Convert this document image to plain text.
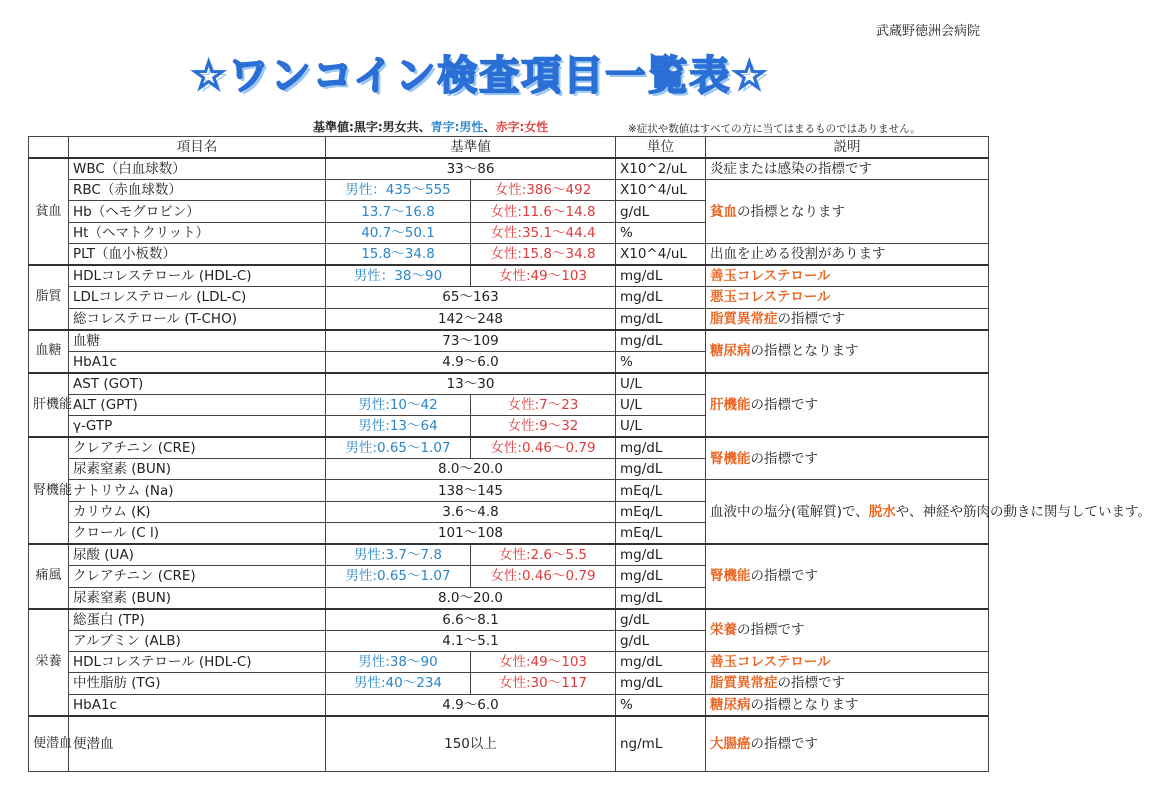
武蔵野徳洲会病院
☆ワンコイン検査項目一覧表☆
基準値:黒字:男女共、青字:男性、赤字:女性	※症状や数値はすべての方に当てはまるものではありません。
	項目名	基準値		単位	説明
貧血	WBC（白血球数）	33～86		X10^2/uL	炎症または感染の指標です
	RBC（赤血球数）	男性：435～555	女性:386～492	X10^4/uL	貧血の指標となります
	Hb（ヘモグロビン）	13.7～16.8	女性:11.6～14.8	g/dL	
	Ht（ヘマトクリット）	40.7～50.1	女性:35.1～44.4	%	
	PLT（血小板数）	15.8～34.8	女性:15.8～34.8	X10^4/uL	出血を止める役割があります
脂質	HDLコレステロール (HDL-C)	男性：38～90	女性:49～103	mg/dL	善玉コレステロール
	LDLコレステロール (LDL-C)	65～163		mg/dL	悪玉コレステロール
	総コレステロール (T-CHO)	142～248		mg/dL	脂質異常症の指標です
血糖	血糖	73～109		mg/dL	糖尿病の指標となります
	HbA1c	4.9～6.0		%	
肝機能	AST (GOT)	13～30		U/L	肝機能の指標です
	ALT (GPT)	男性:10～42	女性:7～23	U/L	
	γ-GTP	男性:13～64	女性:9～32	U/L	
腎機能	クレアチニン (CRE)	男性:0.65～1.07	女性:0.46～0.79	mg/dL	腎機能の指標です
	尿素窒素 (BUN)	8.0～20.0		mg/dL	
	ナトリウム (Na)	138～145		mEq/L	血液中の塩分(電解質)で、脱水や、神経や筋肉の動きに関与しています。
	カリウム (K)	3.6～4.8		mEq/L	
	クロール (C l)	101～108		mEq/L	
痛風	尿酸 (UA)	男性:3.7～7.8	女性:2.6～5.5	mg/dL	腎機能の指標です
	クレアチニン (CRE)	男性:0.65～1.07	女性:0.46～0.79	mg/dL	
	尿素窒素 (BUN)	8.0～20.0		mg/dL	
栄養	総蛋白 (TP)	6.6～8.1		g/dL	栄養の指標です
	アルブミン (ALB)	4.1～5.1		g/dL	
	HDLコレステロール (HDL-C)	男性:38～90	女性:49～103	mg/dL	善玉コレステロール
	中性脂肪 (TG)	男性:40～234	女性:30～117	mg/dL	脂質異常症の指標です
	HbA1c	4.9～6.0		%	糖尿病の指標となります
便潜血	便潜血	150以上		ng/mL	大腸癌の指標です
